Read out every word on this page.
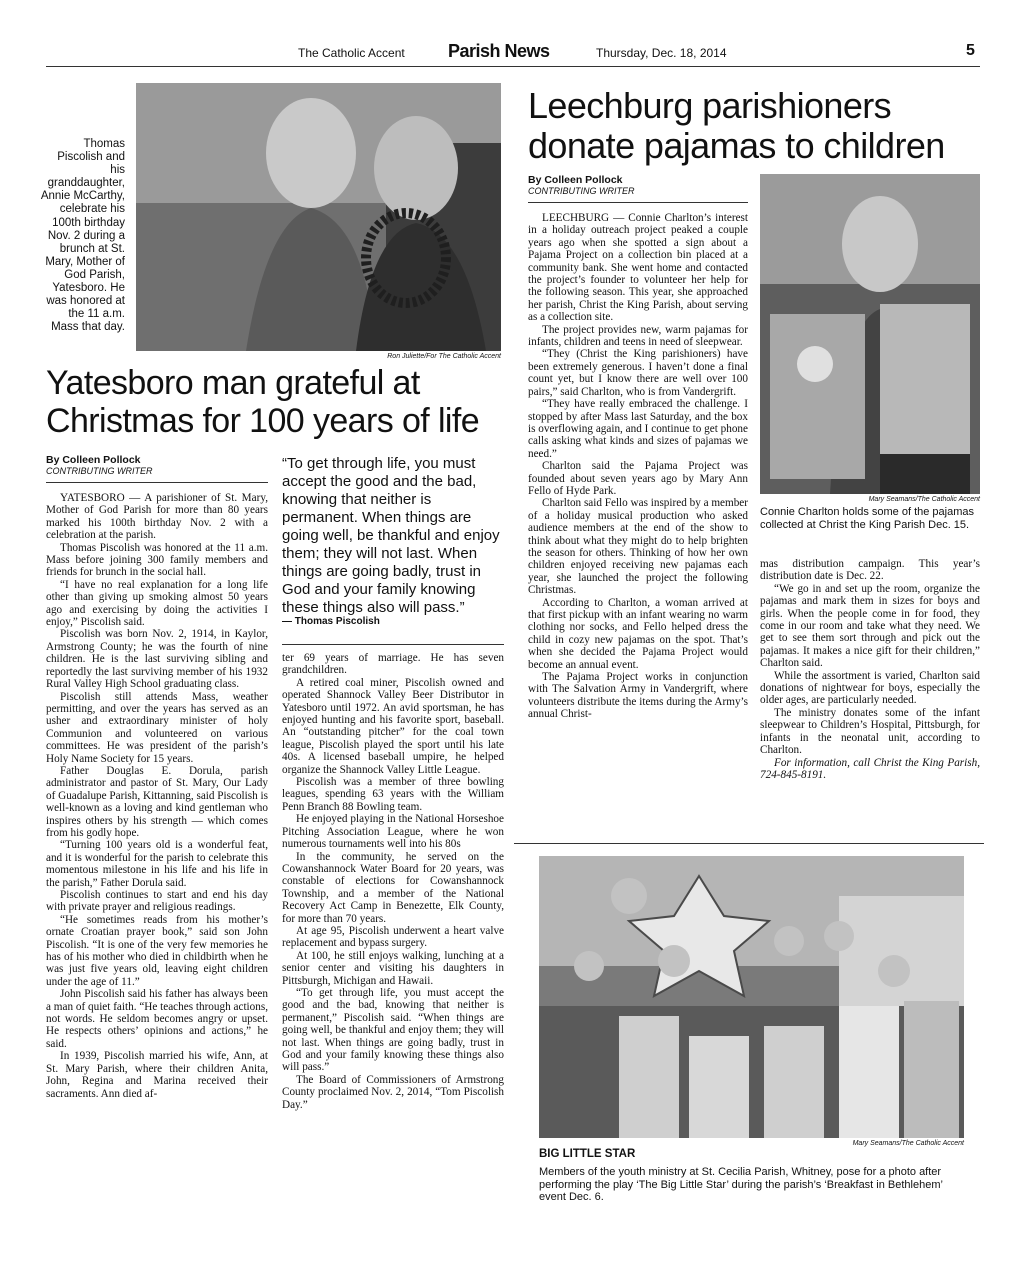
The Catholic Accent Parish News	Thursday, Dec. 18, 2014	5
Thomas Piscolish and his granddaughter, Annie McCarthy, celebrate his 100th birthday Nov. 2 during a brunch at St. Mary, Mother of God Parish, Yatesboro. He was honored at the 11 a.m. Mass that day.
Ron Juliette/For The Catholic Accent
Yatesboro man grateful at
Christmas for 100 years of life
By Colleen Pollock
CONTRIBUTING WRITER

YATESBORO — A parishioner of St. Mary, Mother of God Parish for more than 80 years marked his 100th birthday Nov. 2 with a celebration at the parish.

Thomas Piscolish was honored at the 11 a.m. Mass before joining 300 family members and friends for brunch in the social hall.

“I have no real explanation for a long life other than giving up smoking almost 50 years ago and exercising by doing the activities I enjoy,” Piscolish said.

Piscolish was born Nov. 2, 1914, in Kaylor, Armstrong County; he was the fourth of nine children. He is the last surviving sibling and reportedly the last surviving member of his 1932 Rural Valley High School graduating class.

Piscolish still attends Mass, weather permitting, and over the years has served as an usher and extraordinary minister of holy Communion and volunteered on various committees. He was president of the parish’s Holy Name Society for 15 years.

Father Douglas E. Dorula, parish administrator and pastor of St. Mary, Our Lady of Guadalupe Parish, Kittanning, said Piscolish is well-known as a loving and kind gentleman who inspires others by his strength — which comes from his godly hope.

“Turning 100 years old is a wonderful feat, and it is wonderful for the parish to celebrate this momentous milestone in his life and his life in the parish,” Father Dorula said.

Piscolish continues to start and end his day with private prayer and religious readings.

“He sometimes reads from his mother’s ornate Croatian prayer book,” said son John Piscolish. “It is one of the very few memories he has of his mother who died in childbirth when he was just five years old, leaving eight children under the age of 11.”

John Piscolish said his father has always been a man of quiet faith. “He teaches through actions, not words. He seldom becomes angry or upset. He respects others’ opinions and actions,” he said.

In 1939, Piscolish married his wife, Ann, at St. Mary Parish, where their children Anita, John, Regina and Marina received their sacraments. Ann died af-

“To get through life, you must accept the good and the bad, knowing that neither is permanent. When things are going well, be thankful and enjoy them; they will not last. When things are going badly, trust in God and your family knowing these things also will pass.”
— Thomas Piscolish

ter 69 years of marriage. He has seven grandchildren.

A retired coal miner, Piscolish owned and operated Shannock Valley Beer Distributor in Yatesboro until 1972. An avid sportsman, he has enjoyed hunting and his favorite sport, baseball. An “outstanding pitcher” for the coal town league, Piscolish played the sport until his late 40s. A licensed baseball umpire, he helped organize the Shannock Valley Little League.

Piscolish was a member of three bowling leagues, spending 63 years with the William Penn Branch 88 Bowling team.

He enjoyed playing in the National Horseshoe Pitching Association League, where he won numerous tournaments well into his 80s

In the community, he served on the Cowanshannock Water Board for 20 years, was constable of elections for Cowanshannock Township, and a member of the National Recovery Act Camp in Benezette, Elk County, for more than 70 years.

At age 95, Piscolish underwent a heart valve replacement and bypass surgery.

At 100, he still enjoys walking, lunching at a senior center and visiting his daughters in Pittsburgh, Michigan and Hawaii.

“To get through life, you must accept the good and the bad, knowing that neither is permanent,” Piscolish said. “When things are going well, be thankful and enjoy them; they will not last. When things are going badly, trust in God and your family knowing these things also will pass.”

The Board of Commissioners of Armstrong County proclaimed Nov. 2, 2014, “Tom Piscolish Day.”

Leechburg parishioners
donate pajamas to children
By Colleen Pollock
CONTRIBUTING WRITER

LEECHBURG — Connie Charlton’s interest in a holiday outreach project peaked a couple years ago when she spotted a sign about a Pajama Project on a collection bin placed at a community bank. She went home and contacted the project’s founder to volunteer her help for the following season. This year, she approached her parish, Christ the King Parish, about serving as a collection site.

The project provides new, warm pajamas for infants, children and teens in need of sleepwear.

“They (Christ the King parishioners) have been extremely generous. I haven’t done a final count yet, but I know there are well over 100 pairs,” said Charlton, who is from Vandergrift.

“They have really embraced the challenge. I stopped by after Mass last Saturday, and the box is overflowing again, and I continue to get phone calls asking what kinds and sizes of pajamas we need.”

Charlton said the Pajama Project was founded about seven years ago by Mary Ann Fello of Hyde Park.

Charlton said Fello was inspired by a member of a holiday musical production who asked audience members at the end of the show to think about what they might do to help brighten the season for others. Thinking of how her own children enjoyed receiving new pajamas each year, she launched the project the following Christmas.

According to Charlton, a woman arrived at that first pickup with an infant wearing no warm clothing nor socks, and Fello helped dress the child in cozy new pajamas on the spot. That’s when she decided the Pajama Project would become an annual event.

The Pajama Project works in conjunction with The Salvation Army in Vandergrift, where volunteers distribute the items during the Army’s annual Christ-

Mary Seamans/The Catholic Accent
Connie Charlton holds some of the pajamas collected at Christ the King Parish Dec. 15.

mas distribution campaign. This year’s distribution date is Dec. 22.

“We go in and set up the room, organize the pajamas and mark them in sizes for boys and girls. When the people come in for food, they come in our room and take what they need. We get to see them sort through and pick out the pajamas. It makes a nice gift for their children,” Charlton said.

While the assortment is varied, Charlton said donations of nightwear for boys, especially the older ages, are particularly needed.

The ministry donates some of the infant sleepwear to Children’s Hospital, Pittsburgh, for infants in the neonatal unit, according to Charlton.

For information, call Christ the King Parish, 724-845-8191.

Mary Seamans/The Catholic Accent
BIG LITTLE STAR
Members of the youth ministry at St. Cecilia Parish, Whitney, pose for a photo after performing the play ‘The Big Little Star’ during the parish’s ‘Breakfast in Bethlehem’ event Dec. 6.
